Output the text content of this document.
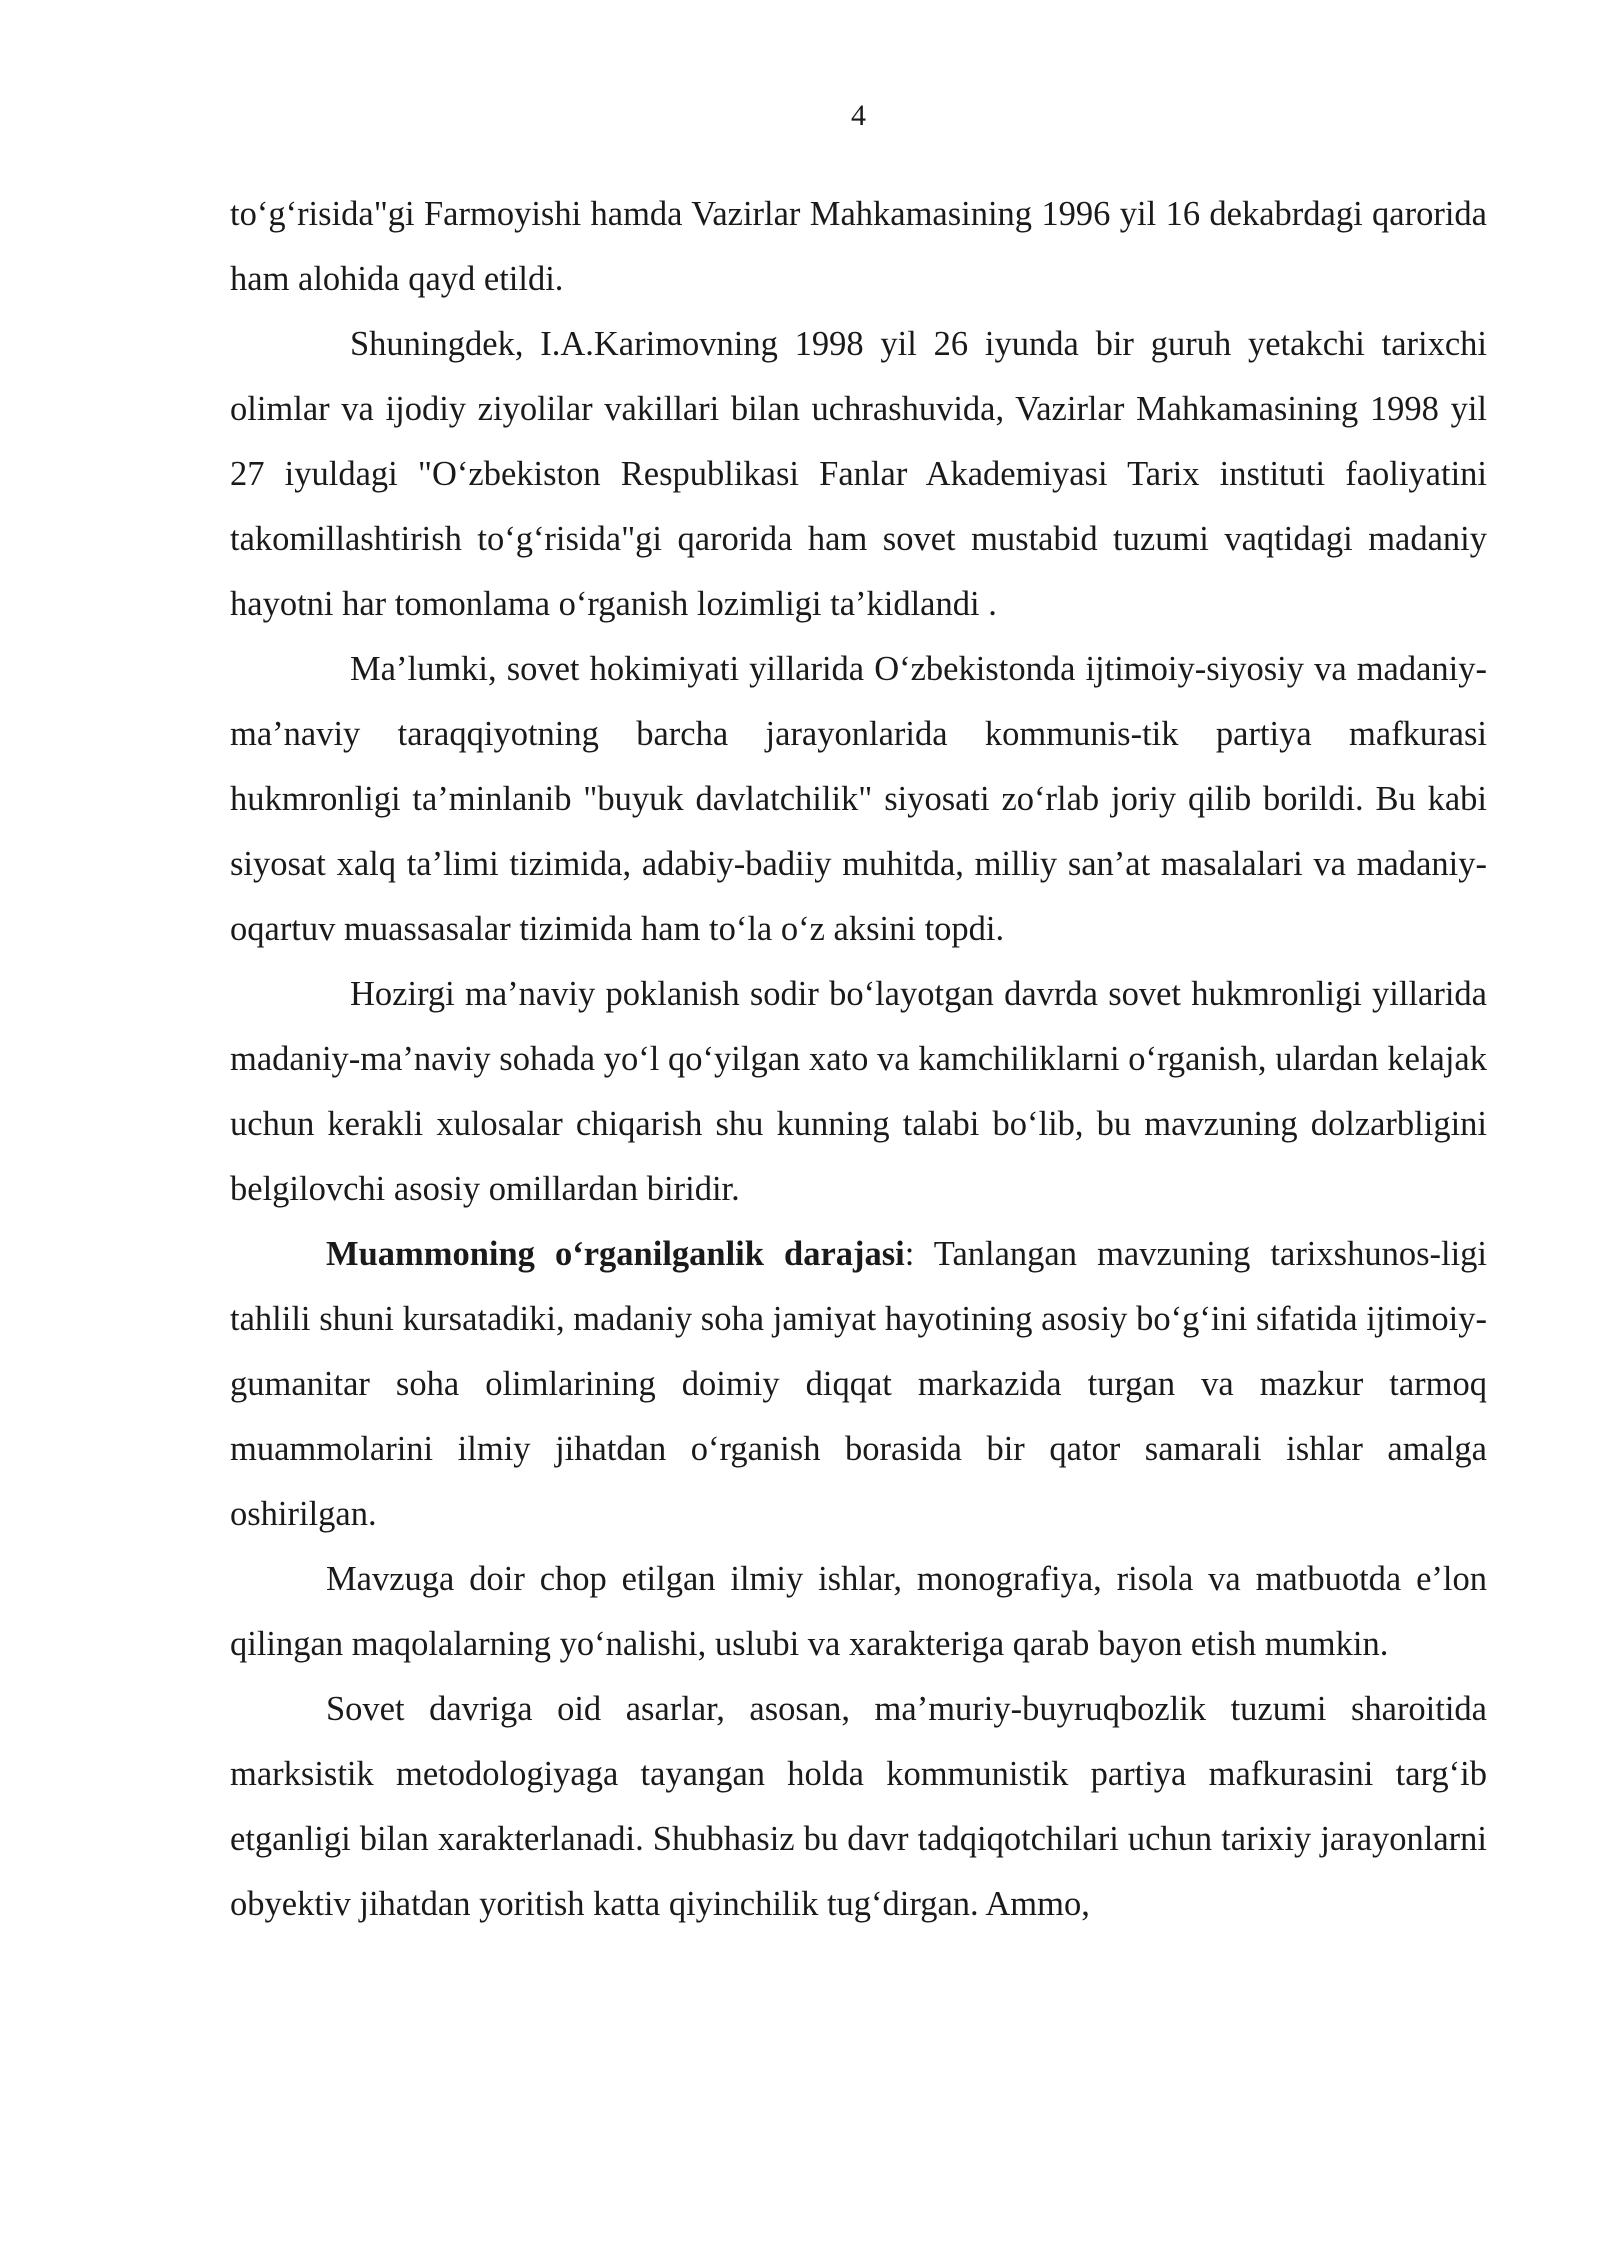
4

to‘g‘risida"gi Farmoyishi hamda Vazirlar Mahkamasining 1996 yil 16 dekabrdagi qarorida ham alohida qayd etildi.

Shuningdek, I.A.Karimovning 1998 yil 26 iyunda bir guruh yetakchi tarixchi olimlar va ijodiy ziyolilar vakillari bilan uchrashuvida, Vazirlar Mahkamasining 1998 yil 27 iyuldagi "O‘zbekiston Respublikasi Fanlar Akademiyasi Tarix instituti faoliyatini takomillashtirish to‘g‘risida"gi qarorida ham sovet mustabid tuzumi vaqtidagi madaniy hayotni har tomonlama o‘rganish lozimligi ta’kidlandi .

Ma’lumki, sovet hokimiyati yillarida O‘zbekistonda ijtimoiy-siyosiy va madaniy-ma’naviy taraqqiyotning barcha jarayonlarida kommunis-tik partiya mafkurasi hukmronligi ta’minlanib "buyuk davlatchilik" siyosati zo‘rlab joriy qilib borildi. Bu kabi siyosat xalq ta’limi tizimida, adabiy-badiiy muhitda, milliy san’at masalalari va madaniy-oqartuv muassasalar tizimida ham to‘la o‘z aksini topdi.

Hozirgi ma’naviy poklanish sodir bo‘layotgan davrda sovet hukmronligi yillarida madaniy-ma’naviy sohada yo‘l qo‘yilgan xato va kamchiliklarni o‘rganish, ulardan kelajak uchun kerakli xulosalar chiqarish shu kunning talabi bo‘lib, bu mavzuning dolzarbligini belgilovchi asosiy omillardan biridir.

Muammoning o‘rganilganlik darajasi: Tanlangan mavzuning tarixshunos-ligi tahlili shuni kursatadiki, madaniy soha jamiyat hayotining asosiy bo‘g‘ini sifatida ijtimoiy-gumanitar soha olimlarining doimiy diqqat markazida turgan va mazkur tarmoq muammolarini ilmiy jihatdan o‘rganish borasida bir qator samarali ishlar amalga oshirilgan.

Mavzuga doir chop etilgan ilmiy ishlar, monografiya, risola va matbuotda e’lon qilingan maqolalarning yo‘nalishi, uslubi va xarakteriga qarab bayon etish mumkin.

Sovet davriga oid asarlar, asosan, ma’muriy-buyruqbozlik tuzumi sharoitida marksistik metodologiyaga tayangan holda kommunistik partiya mafkurasini targ‘ib etganligi bilan xarakterlanadi. Shubhasiz bu davr tadqiqotchilari uchun tarixiy jarayonlarni obyektiv jihatdan yoritish katta qiyinchilik tug‘dirgan. Ammo,
